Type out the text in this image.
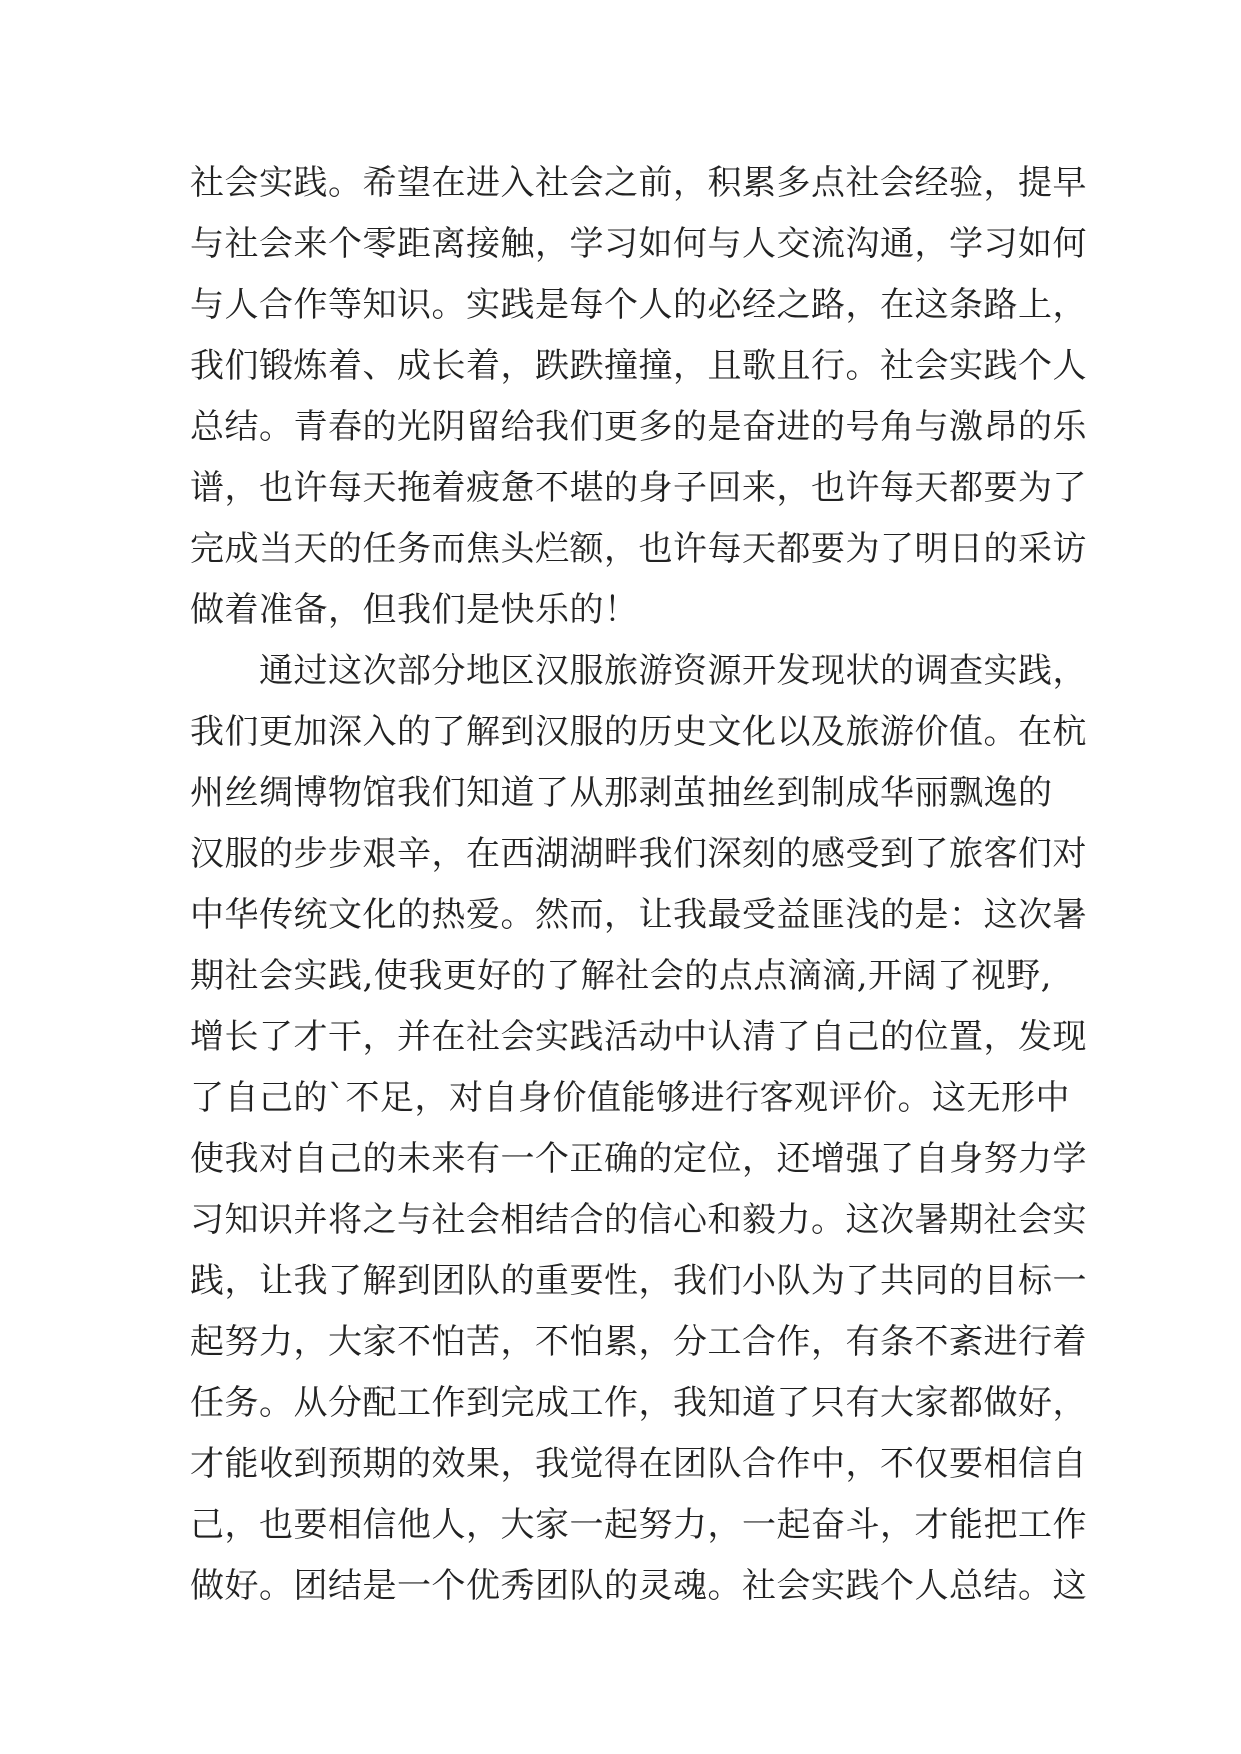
社会实践。希望在进入社会之前，积累多点社会经验，提早
与社会来个零距离接触，学习如何与人交流沟通，学习如何
与人合作等知识。实践是每个人的必经之路，在这条路上，
我们锻炼着、成长着，跌跌撞撞，且歌且行。社会实践个人
总结。青春的光阴留给我们更多的是奋进的号角与激昂的乐
谱，也许每天拖着疲惫不堪的身子回来，也许每天都要为了
完成当天的任务而焦头烂额，也许每天都要为了明日的采访
做着准备，但我们是快乐的！
　　通过这次部分地区汉服旅游资源开发现状的调查实践，
我们更加深入的了解到汉服的历史文化以及旅游价值。在杭
州丝绸博物馆我们知道了从那剥茧抽丝到制成华丽飘逸的
汉服的步步艰辛，在西湖湖畔我们深刻的感受到了旅客们对
中华传统文化的热爱。然而，让我最受益匪浅的是：这次暑
期社会实践,使我更好的了解社会的点点滴滴,开阔了视野,
增长了才干，并在社会实践活动中认清了自己的位置，发现
了自己的`不足，对自身价值能够进行客观评价。这无形中
使我对自己的未来有一个正确的定位，还增强了自身努力学
习知识并将之与社会相结合的信心和毅力。这次暑期社会实
践，让我了解到团队的重要性，我们小队为了共同的目标一
起努力，大家不怕苦，不怕累，分工合作，有条不紊进行着
任务。从分配工作到完成工作，我知道了只有大家都做好，
才能收到预期的效果，我觉得在团队合作中，不仅要相信自
己，也要相信他人，大家一起努力，一起奋斗，才能把工作
做好。团结是一个优秀团队的灵魂。社会实践个人总结。这
